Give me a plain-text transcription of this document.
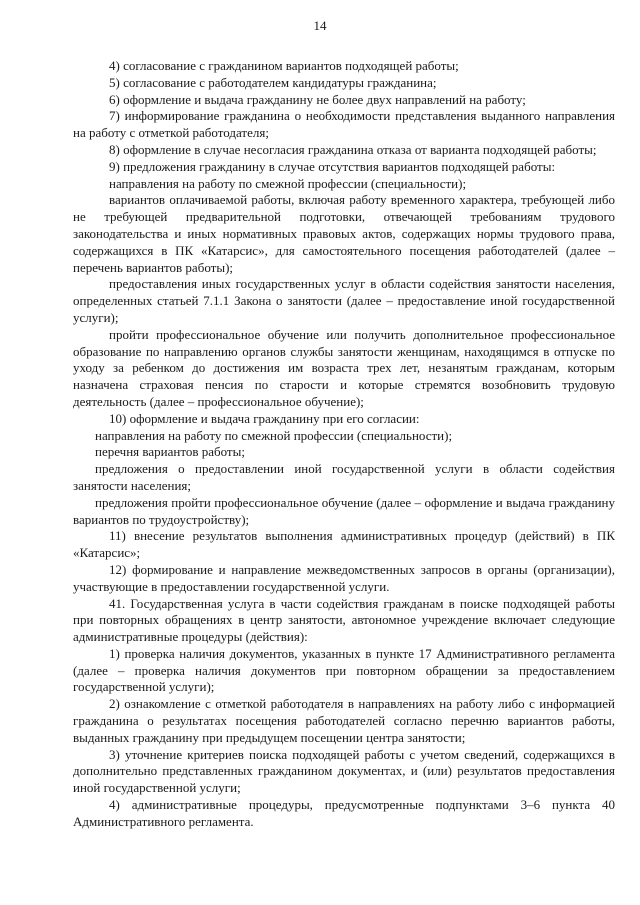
14

4) согласование с гражданином вариантов подходящей работы;

5) согласование с работодателем кандидатуры гражданина;

6) оформление и выдача гражданину не более двух направлений на работу;

7) информирование гражданина о необходимости представления выданного направления на работу с отметкой работодателя;

8) оформление в случае несогласия гражданина отказа от варианта подходящей работы;

9) предложения гражданину в случае отсутствия вариантов подходящей работы:

направления на работу по смежной профессии (специальности);

вариантов оплачиваемой работы, включая работу временного характера, требующей либо не требующей предварительной подготовки, отвечающей требованиям трудового законодательства и иных нормативных правовых актов, содержащих нормы трудового права, содержащихся в ПК «Катарсис», для самостоятельного посещения работодателей (далее – перечень вариантов работы);

предоставления иных государственных услуг в области содействия занятости населения, определенных статьей 7.1.1 Закона о занятости (далее – предоставление иной государственной услуги);

пройти профессиональное обучение или получить дополнительное профессиональное образование по направлению органов службы занятости женщинам, находящимся в отпуске по уходу за ребенком до достижения им возраста трех лет, незанятым гражданам, которым назначена страховая пенсия по старости и которые стремятся возобновить трудовую деятельность (далее – профессиональное обучение);

10) оформление и выдача гражданину при его согласии:

направления на работу по смежной профессии (специальности);

перечня вариантов работы;

предложения о предоставлении иной государственной услуги в области содействия занятости населения;

предложения пройти профессиональное обучение (далее – оформление и выдача гражданину вариантов по трудоустройству);

11) внесение результатов выполнения административных процедур (действий) в ПК «Катарсис»;

12) формирование и направление межведомственных запросов в органы (организации), участвующие в предоставлении государственной услуги.

41. Государственная услуга в части содействия гражданам в поиске подходящей работы при повторных обращениях в центр занятости, автономное учреждение включает следующие административные процедуры (действия):

1) проверка наличия документов, указанных в пункте 17 Административного регламента (далее – проверка наличия документов при повторном обращении за предоставлением государственной услуги);

2) ознакомление с отметкой работодателя в направлениях на работу либо с информацией гражданина о результатах посещения работодателей согласно перечню вариантов работы, выданных гражданину при предыдущем посещении центра занятости;

3) уточнение критериев поиска подходящей работы с учетом сведений, содержащихся в дополнительно представленных гражданином документах, и (или) результатов предоставления иной государственной услуги;

4) административные процедуры, предусмотренные подпунктами 3–6 пункта 40 Административного регламента.
